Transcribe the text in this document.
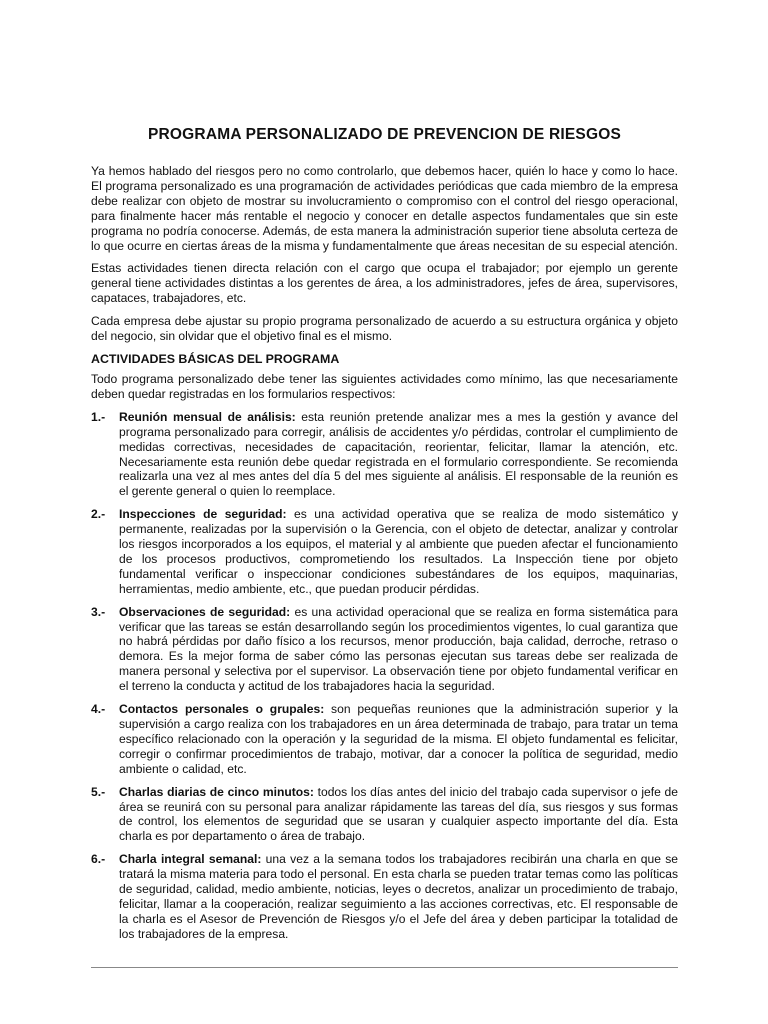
PROGRAMA PERSONALIZADO DE PREVENCION DE RIESGOS

Ya hemos hablado del riesgos pero no como controlarlo, que debemos hacer, quién lo hace y como lo hace. El programa personalizado es una programación de actividades periódicas que cada miembro de la empresa debe realizar con objeto de mostrar su involucramiento o compromiso con el control del riesgo operacional, para finalmente hacer más rentable el negocio y conocer en detalle aspectos fundamentales que sin este programa no podría conocerse. Además, de esta manera la administración superior tiene absoluta certeza de lo que ocurre en ciertas áreas de la misma y fundamentalmente que áreas necesitan de su especial atención.

Estas actividades tienen directa relación con el cargo que ocupa el trabajador; por ejemplo un gerente general tiene actividades distintas a los gerentes de área, a los administradores, jefes de área, supervisores, capataces, trabajadores, etc.

Cada empresa debe ajustar su propio programa personalizado de acuerdo a su estructura orgánica y objeto del negocio, sin olvidar que el objetivo final es el mismo.

ACTIVIDADES BÁSICAS DEL PROGRAMA

Todo programa personalizado debe tener las siguientes actividades como mínimo, las que necesariamente deben quedar registradas en los formularios respectivos:

1.-	Reunión mensual de análisis: esta reunión pretende analizar mes a mes la gestión y avance del programa personalizado para corregir, análisis de accidentes y/o pérdidas, controlar el cumplimiento de medidas correctivas, necesidades de capacitación, reorientar, felicitar, llamar la atención, etc. Necesariamente esta reunión debe quedar registrada en el formulario correspondiente. Se recomienda realizarla una vez al mes antes del día 5 del mes siguiente al análisis. El responsable de la reunión es el gerente general o quien lo reemplace.
2.-	Inspecciones de seguridad: es una actividad operativa que se realiza de modo sistemático y permanente, realizadas por la supervisión o la Gerencia, con el objeto de detectar, analizar y controlar los riesgos incorporados a los equipos, el material y al ambiente que pueden afectar el funcionamiento de los procesos productivos, comprometiendo los resultados. La Inspección tiene por objeto fundamental verificar o inspeccionar condiciones subestándares de los equipos, maquinarias, herramientas, medio ambiente, etc., que puedan producir pérdidas.
3.-	Observaciones de seguridad: es una actividad operacional que se realiza en forma sistemática para verificar que las tareas se están desarrollando según los procedimientos vigentes, lo cual garantiza que no habrá pérdidas por daño físico a los recursos, menor producción, baja calidad, derroche, retraso o demora. Es la mejor forma de saber cómo las personas ejecutan sus tareas debe ser realizada de manera personal y selectiva por el supervisor. La observación tiene por objeto fundamental verificar en el terreno la conducta y actitud de los trabajadores hacia la seguridad.
4.-	Contactos personales o grupales: son pequeñas reuniones que la administración superior y la supervisión a cargo realiza con los trabajadores en un área determinada de trabajo, para tratar un tema específico relacionado con la operación y la seguridad de la misma. El objeto fundamental es felicitar, corregir o confirmar procedimientos de trabajo, motivar, dar a conocer la política de seguridad, medio ambiente o calidad, etc.
5.-	Charlas diarias de cinco minutos: todos los días antes del inicio del trabajo cada supervisor o jefe de área se reunirá con su personal para analizar rápidamente las tareas del día, sus riesgos y sus formas de control, los elementos de seguridad que se usaran y cualquier aspecto importante del día. Esta charla es por departamento o área de trabajo.
6.-	Charla integral semanal: una vez a la semana todos los trabajadores recibirán una charla en que se tratará la misma materia para todo el personal. En esta charla se pueden tratar temas como las políticas de seguridad, calidad, medio ambiente, noticias, leyes o decretos, analizar un procedimiento de trabajo, felicitar, llamar a la cooperación, realizar seguimiento a las acciones correctivas, etc. El responsable de la charla es el Asesor de Prevención de Riesgos y/o el Jefe del área y deben participar la totalidad de los trabajadores de la empresa.
